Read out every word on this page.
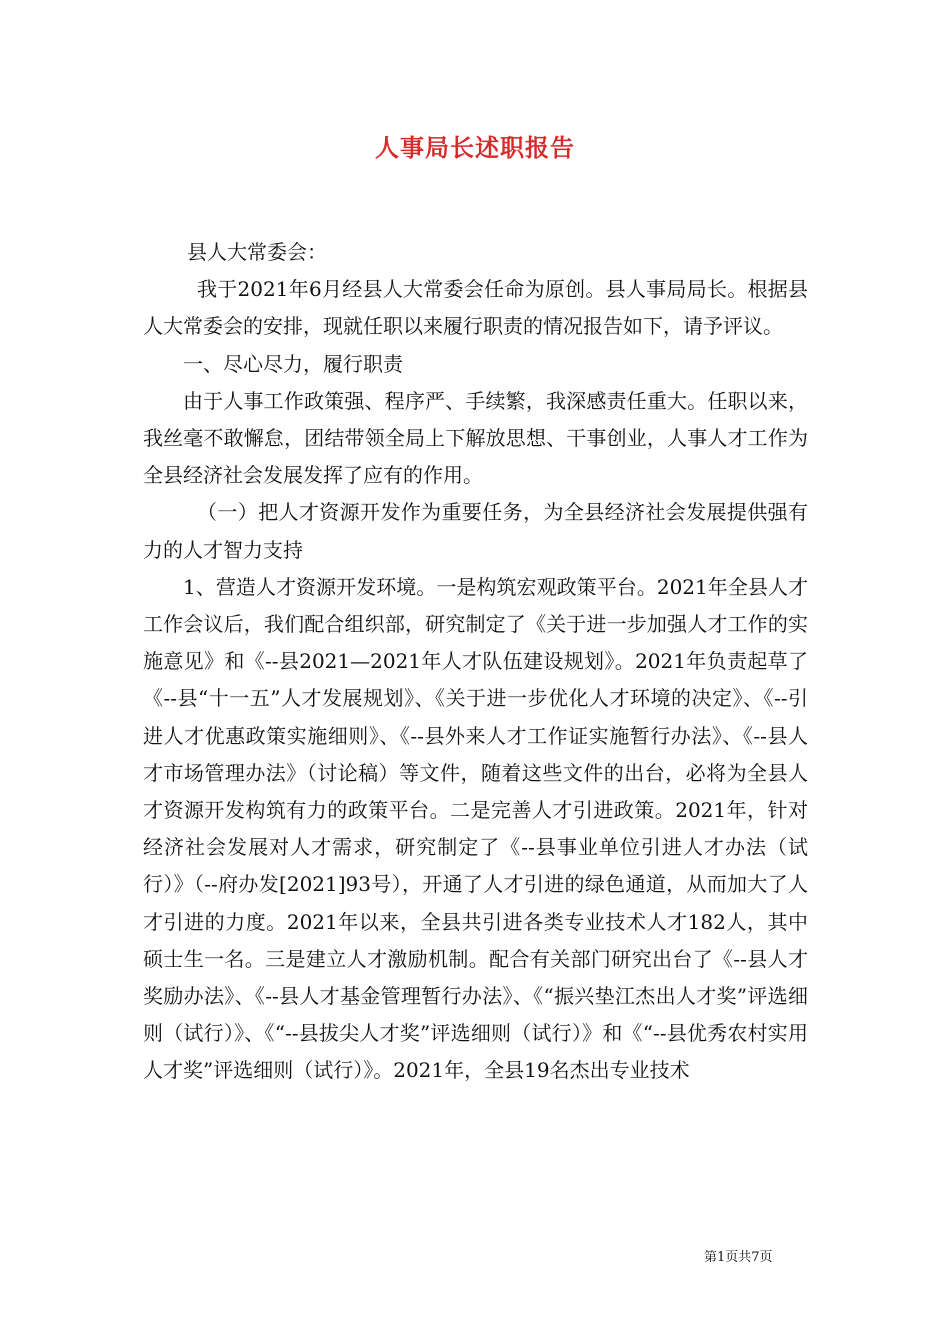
人事局长述职报告

县人大常委会：

我于2021年6月经县人大常委会任命为原创。县人事局局长。根据县人大常委会的安排，现就任职以来履行职责的情况报告如下，请予评议。

一、尽心尽力，履行职责

由于人事工作政策强、程序严、手续繁，我深感责任重大。任职以来，我丝毫不敢懈怠，团结带领全局上下解放思想、干事创业，人事人才工作为全县经济社会发展发挥了应有的作用。

（一）把人才资源开发作为重要任务，为全县经济社会发展提供强有力的人才智力支持

1、营造人才资源开发环境。一是构筑宏观政策平台。2021年全县人才工作会议后，我们配合组织部，研究制定了《关于进一步加强人才工作的实施意见》和《--县2021—2021年人才队伍建设规划》。2021年负责起草了《--县“十一五”人才发展规划》、《关于进一步优化人才环境的决定》、《--引进人才优惠政策实施细则》、《--县外来人才工作证实施暂行办法》、《--县人才市场管理办法》（讨论稿）等文件，随着这些文件的出台，必将为全县人才资源开发构筑有力的政策平台。二是完善人才引进政策。2021年，针对经济社会发展对人才需求，研究制定了《--县事业单位引进人才办法（试行）》（--府办发[2021]93号），开通了人才引进的绿色通道，从而加大了人才引进的力度。2021年以来，全县共引进各类专业技术人才182人，其中硕士生一名。三是建立人才激励机制。配合有关部门研究出台了《--县人才奖励办法》、《--县人才基金管理暂行办法》、《“振兴垫江杰出人才奖”评选细则（试行）》、《“--县拔尖人才奖”评选细则（试行）》和《“--县优秀农村实用人才奖”评选细则（试行）》。2021年，全县19名杰出专业技术

第1页共7页
